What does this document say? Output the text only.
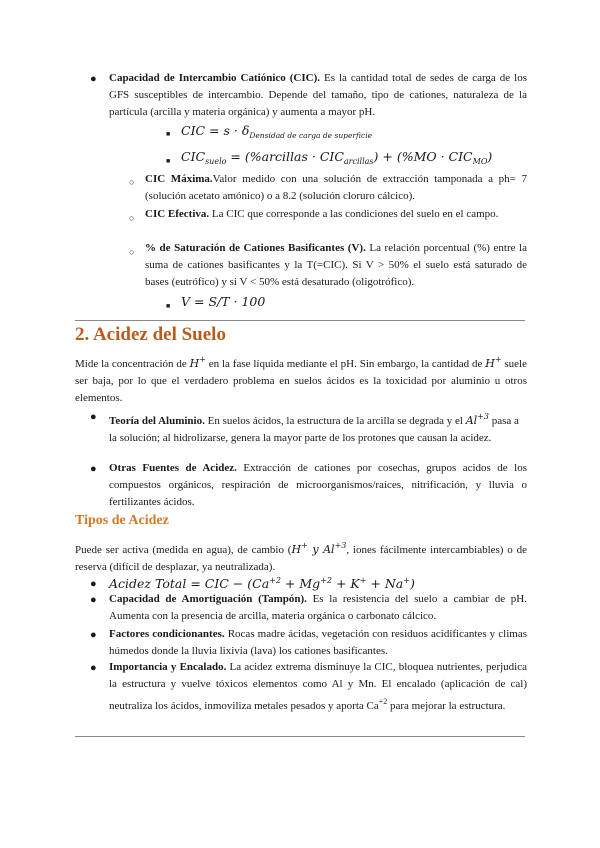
● Capacidad de Intercambio Catiónico (CIC). Es la cantidad total de sedes de carga de los GFS susceptibles de intercambio. Depende del tamaño, tipo de cationes, naturaleza de la partícula (arcilla y materia orgánica) y aumenta a mayor pH.

■ CIC = $s \cdot \delta_{Densidad de carga de superficie}$
■ $CIC_{suelo}$ = (%arcillas · $CIC_{arcillas}) + (\%MO \cdot CIC_{MO})$
○ CIC Máxima.Valor medido con una solución de extracción tamponada a ph= 7 (solución acetato amónico) o a 8.2 (solución cloruro cálcico).

○ CIC Efectiva. La CIC que corresponde a las condiciones del suelo en el campo.

○ % de Saturación de Cationes Basificantes (V). La relación porcentual (%) entre la suma de cationes basificantes y la T(=CIC). Si V > 50% el suelo está saturado de bases (eutrófico) y si V < 50% está desaturado (oligotrófico).

■ V = S/T · 100
2. Acidez del Suelo

Mide la concentración de H+ en la fase líquida mediante el pH. Sin embargo, la cantidad de H+ suele ser baja, por lo que el verdadero problema en suelos ácidos es la toxicidad por aluminio u otros elementos.

● Teoría del Aluminio. En suelos ácidos, la estructura de la arcilla se degrada y el $Al^{+3}$ pasa a la solución; al hidrolizarse, genera la mayor parte de los protones que causan la acidez.

● Otras Fuentes de Acidez. Extracción de cationes por cosechas, grupos acidos de los compuestos orgánicos, respiración de microorganismos/raíces, nitrificación, y lluvia o fertilizantes ácidos.

Tipos de Acidez

Puede ser activa (medida en agua), de cambio (H+ y $Al^{+3}$, iones fácilmente intercambiables) o de reserva (difícil de desplazar, ya neutralizada).

● Acidez Total = CIC − $(Ca^{+2} + Mg^{+2} + K^+ + Na^+)$
● Capacidad de Amortiguación (Tampón). Es la resistencia del suelo a cambiar de pH. Aumenta con la presencia de arcilla, materia orgánica o carbonato cálcico.

● Factores condicionantes. Rocas madre ácidas, vegetación con residuos acidificantes y climas húmedos donde la lluvia lixivia (lava) los cationes basificantes.

● Importancia y Encalado. La acidez extrema disminuye la CIC, bloquea nutrientes, perjudica la estructura y vuelve tóxicos elementos como Al y Mn. El encalado (aplicación de cal) neutraliza los ácidos, inmoviliza metales pesados y aporta $Ca^{+2}$ para mejorar la estructura.
